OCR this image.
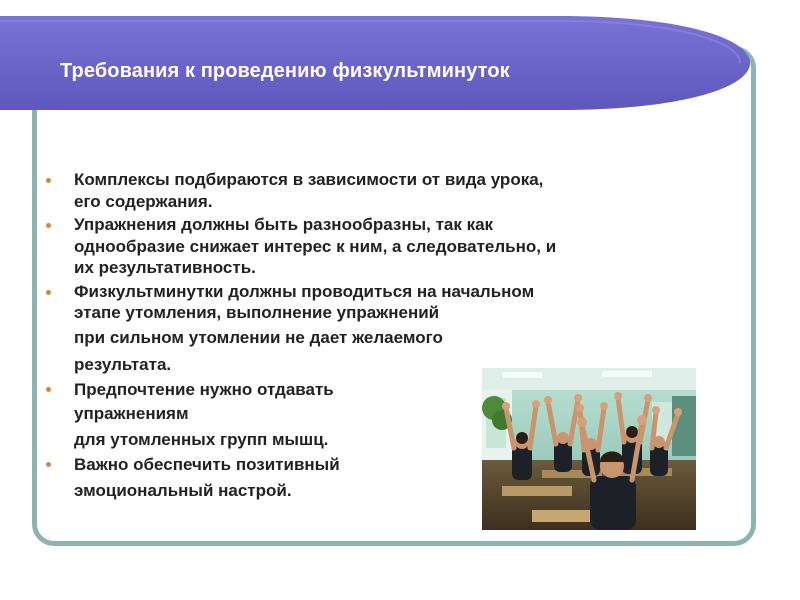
Требования к проведению физкультминуток
Комплексы подбираются в зависимости от вида урока,
его содержания.
Упражнения должны быть разнообразны, так как
однообразие снижает интерес к ним, а следовательно, и
их результативность.
Физкультминутки должны проводиться на начальном
этапе утомления, выполнение упражнений
при сильном утомлении не дает желаемого
результата.
Предпочтение нужно отдавать
упражнениям
для утомленных групп мышц.
Важно обеспечить позитивный
эмоциональный настрой.
